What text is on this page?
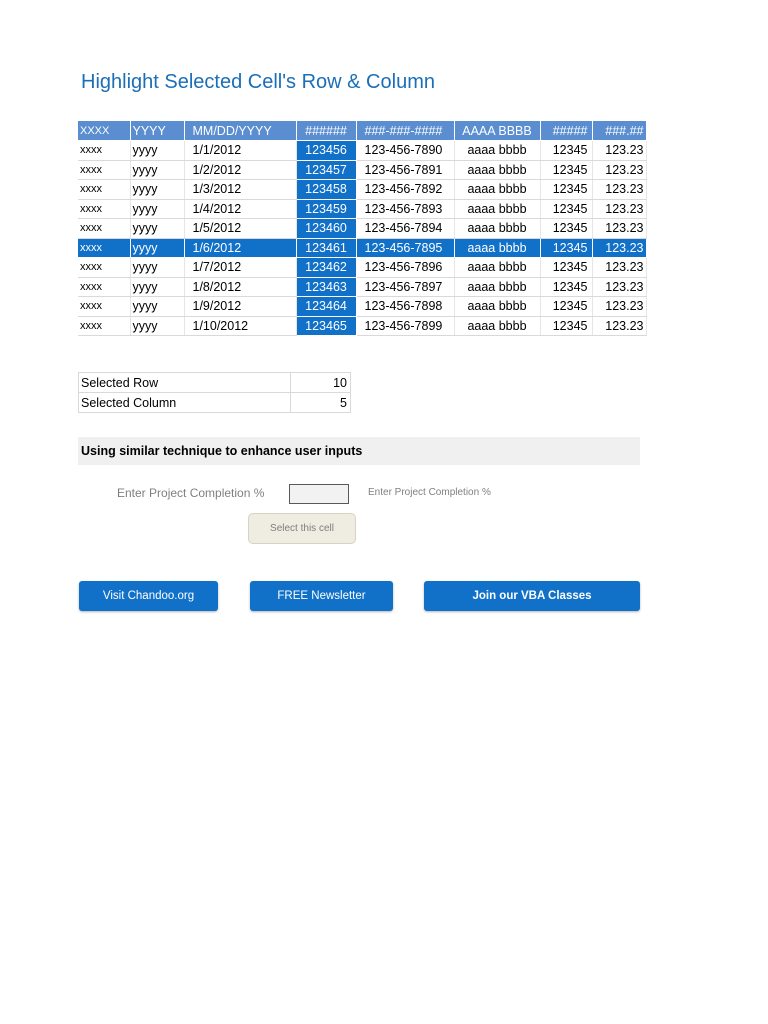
Highlight Selected Cell's Row & Column
XXXX	YYYY	MM/DD/YYYY	######	###-###-####	AAAA BBBB	#####	###.##
xxxx	yyyy	1/1/2012	123456	123-456-7890	aaaa bbbb	12345	123.23
xxxx	yyyy	1/2/2012	123457	123-456-7891	aaaa bbbb	12345	123.23
xxxx	yyyy	1/3/2012	123458	123-456-7892	aaaa bbbb	12345	123.23
xxxx	yyyy	1/4/2012	123459	123-456-7893	aaaa bbbb	12345	123.23
xxxx	yyyy	1/5/2012	123460	123-456-7894	aaaa bbbb	12345	123.23
xxxx	yyyy	1/6/2012	123461	123-456-7895	aaaa bbbb	12345	123.23
xxxx	yyyy	1/7/2012	123462	123-456-7896	aaaa bbbb	12345	123.23
xxxx	yyyy	1/8/2012	123463	123-456-7897	aaaa bbbb	12345	123.23
xxxx	yyyy	1/9/2012	123464	123-456-7898	aaaa bbbb	12345	123.23
xxxx	yyyy	1/10/2012	123465	123-456-7899	aaaa bbbb	12345	123.23
Selected Row	10
Selected Column	5
Using similar technique to enhance user inputs
Enter Project Completion %	Enter Project Completion %
Select this cell
Visit Chandoo.org	FREE Newsletter	Join our VBA Classes
